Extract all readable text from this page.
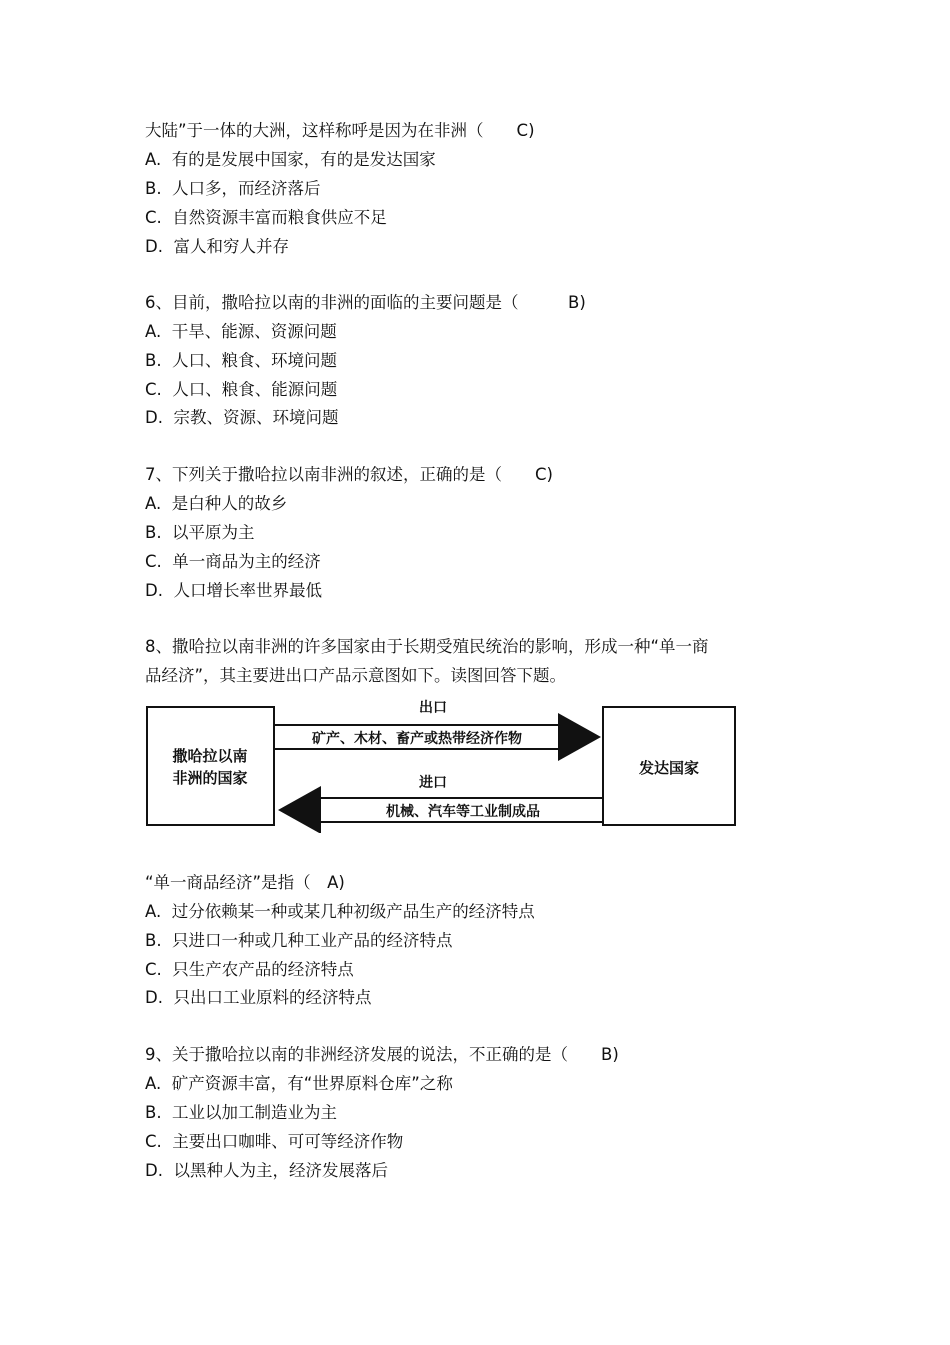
大陆”于一体的大洲，这样称呼是因为在非洲（　　C)
A.  有的是发展中国家，有的是发达国家
B.  人口多，而经济落后
C.  自然资源丰富而粮食供应不足
D.  富人和穷人并存
6、目前，撒哈拉以南的非洲的面临的主要问题是（　　　B)
A.  干旱、能源、资源问题
B.  人口、粮食、环境问题
C.  人口、粮食、能源问题
D.  宗教、资源、环境问题
7、下列关于撒哈拉以南非洲的叙述，正确的是（　　C)
A.  是白种人的故乡
B.  以平原为主
C.  单一商品为主的经济
D.  人口增长率世界最低
8、撒哈拉以南非洲的许多国家由于长期受殖民统治的影响，形成一种“单一商
品经济”，其主要进出口产品示意图如下。读图回答下题。
撒哈拉以南
非洲的国家
发达国家
出口
矿产、木材、畜产或热带经济作物
进口
机械、汽车等工业制成品
“单一商品经济”是指（　A)
A.  过分依赖某一种或某几种初级产品生产的经济特点
B.  只进口一种或几种工业产品的经济特点
C.  只生产农产品的经济特点
D.  只出口工业原料的经济特点
9、关于撒哈拉以南的非洲经济发展的说法，不正确的是（　　B)
A.  矿产资源丰富，有“世界原料仓库”之称
B.  工业以加工制造业为主
C.  主要出口咖啡、可可等经济作物
D.  以黑种人为主，经济发展落后
